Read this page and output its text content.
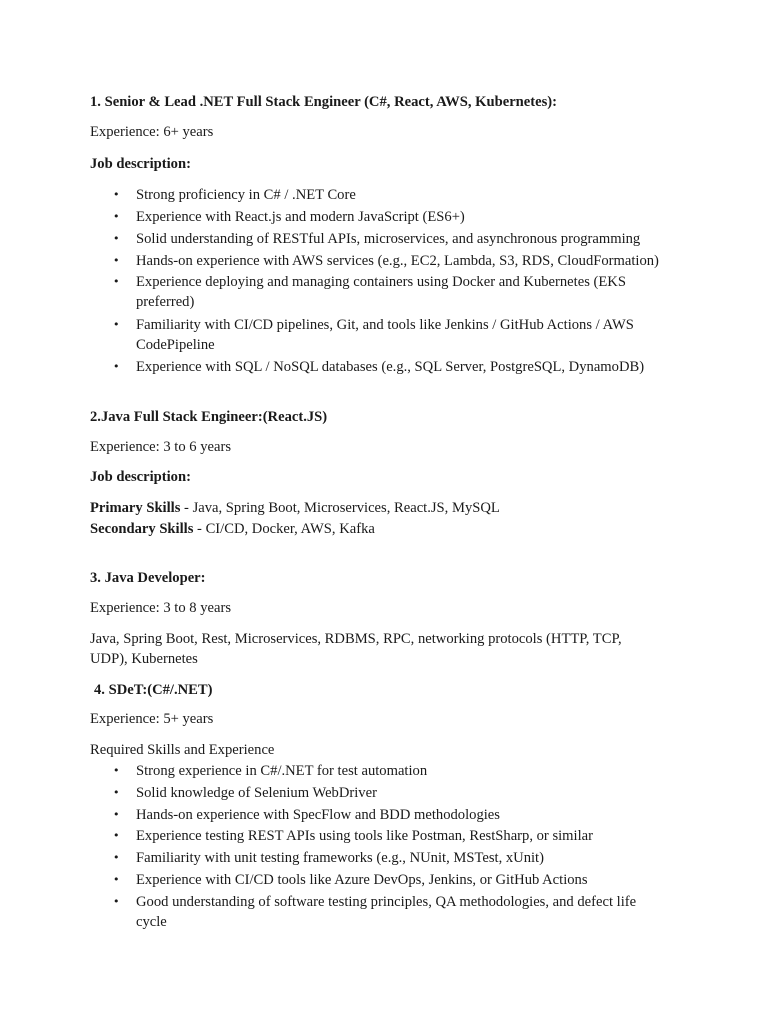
1. Senior & Lead .NET Full Stack Engineer (C#, React, AWS, Kubernetes):

Experience: 6+ years

Job description:

• Strong proficiency in C# / .NET Core
• Experience with React.js and modern JavaScript (ES6+)
• Solid understanding of RESTful APIs, microservices, and asynchronous programming
• Hands-on experience with AWS services (e.g., EC2, Lambda, S3, RDS, CloudFormation)
• Experience deploying and managing containers using Docker and Kubernetes (EKS
preferred)
• Familiarity with CI/CD pipelines, Git, and tools like Jenkins / GitHub Actions / AWS
CodePipeline
• Experience with SQL / NoSQL databases (e.g., SQL Server, PostgreSQL, DynamoDB)

2.Java Full Stack Engineer:(React.JS)

Experience: 3 to 6 years

Job description:

Primary Skills - Java, Spring Boot, Microservices, React.JS, MySQL

Secondary Skills - CI/CD, Docker, AWS, Kafka

3. Java Developer:

Experience: 3 to 8 years

Java, Spring Boot, Rest, Microservices, RDBMS, RPC, networking protocols (HTTP, TCP,

UDP), Kubernetes

4. SDeT:(C#/.NET)

Experience: 5+ years

Required Skills and Experience

• Strong experience in C#/.NET for test automation
• Solid knowledge of Selenium WebDriver
• Hands-on experience with SpecFlow and BDD methodologies
• Experience testing REST APIs using tools like Postman, RestSharp, or similar
• Familiarity with unit testing frameworks (e.g., NUnit, MSTest, xUnit)
• Experience with CI/CD tools like Azure DevOps, Jenkins, or GitHub Actions
• Good understanding of software testing principles, QA methodologies, and defect life
cycle
